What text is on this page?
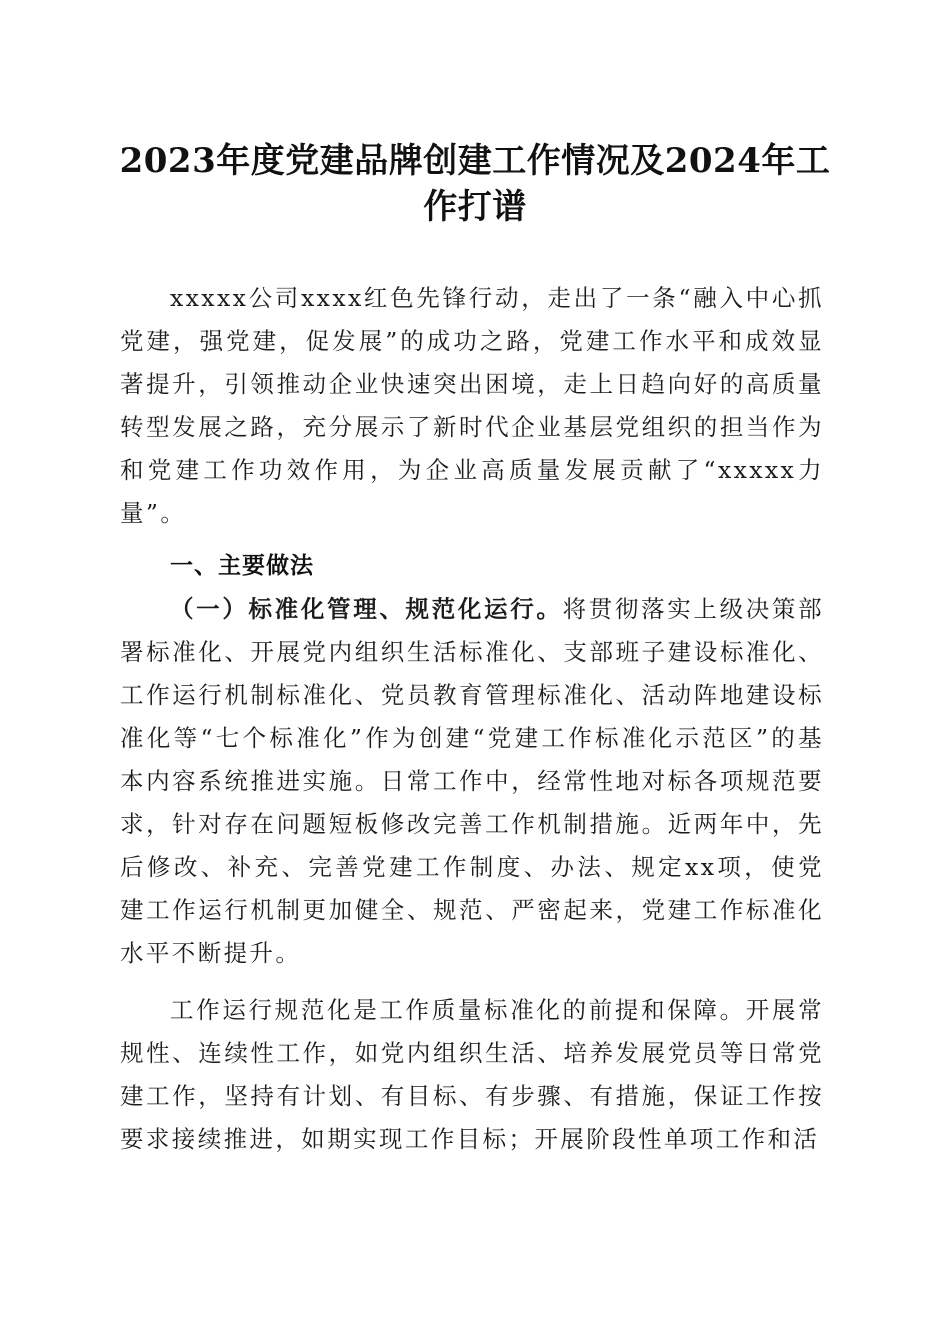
2023年度党建品牌创建工作情况及2024年工作打谱

xxxxx公司xxxx红色先锋行动，走出了一条“融入中心抓党建，强党建，促发展”的成功之路，党建工作水平和成效显著提升，引领推动企业快速突出困境，走上日趋向好的高质量转型发展之路，充分展示了新时代企业基层党组织的担当作为和党建工作功效作用，为企业高质量发展贡献了“xxxxx力量”。

一、主要做法

（一）标准化管理、规范化运行。将贯彻落实上级决策部署标准化、开展党内组织生活标准化、支部班子建设标准化、工作运行机制标准化、党员教育管理标准化、活动阵地建设标准化等“七个标准化”作为创建“党建工作标准化示范区”的基本内容系统推进实施。日常工作中，经常性地对标各项规范要求，针对存在问题短板修改完善工作机制措施。近两年中，先后修改、补充、完善党建工作制度、办法、规定xx项，使党建工作运行机制更加健全、规范、严密起来，党建工作标准化水平不断提升。

工作运行规范化是工作质量标准化的前提和保障。开展常规性、连续性工作，如党内组织生活、培养发展党员等日常党建工作，坚持有计划、有目标、有步骤、有措施，保证工作按要求接续推进，如期实现工作目标；开展阶段性单项工作和活
